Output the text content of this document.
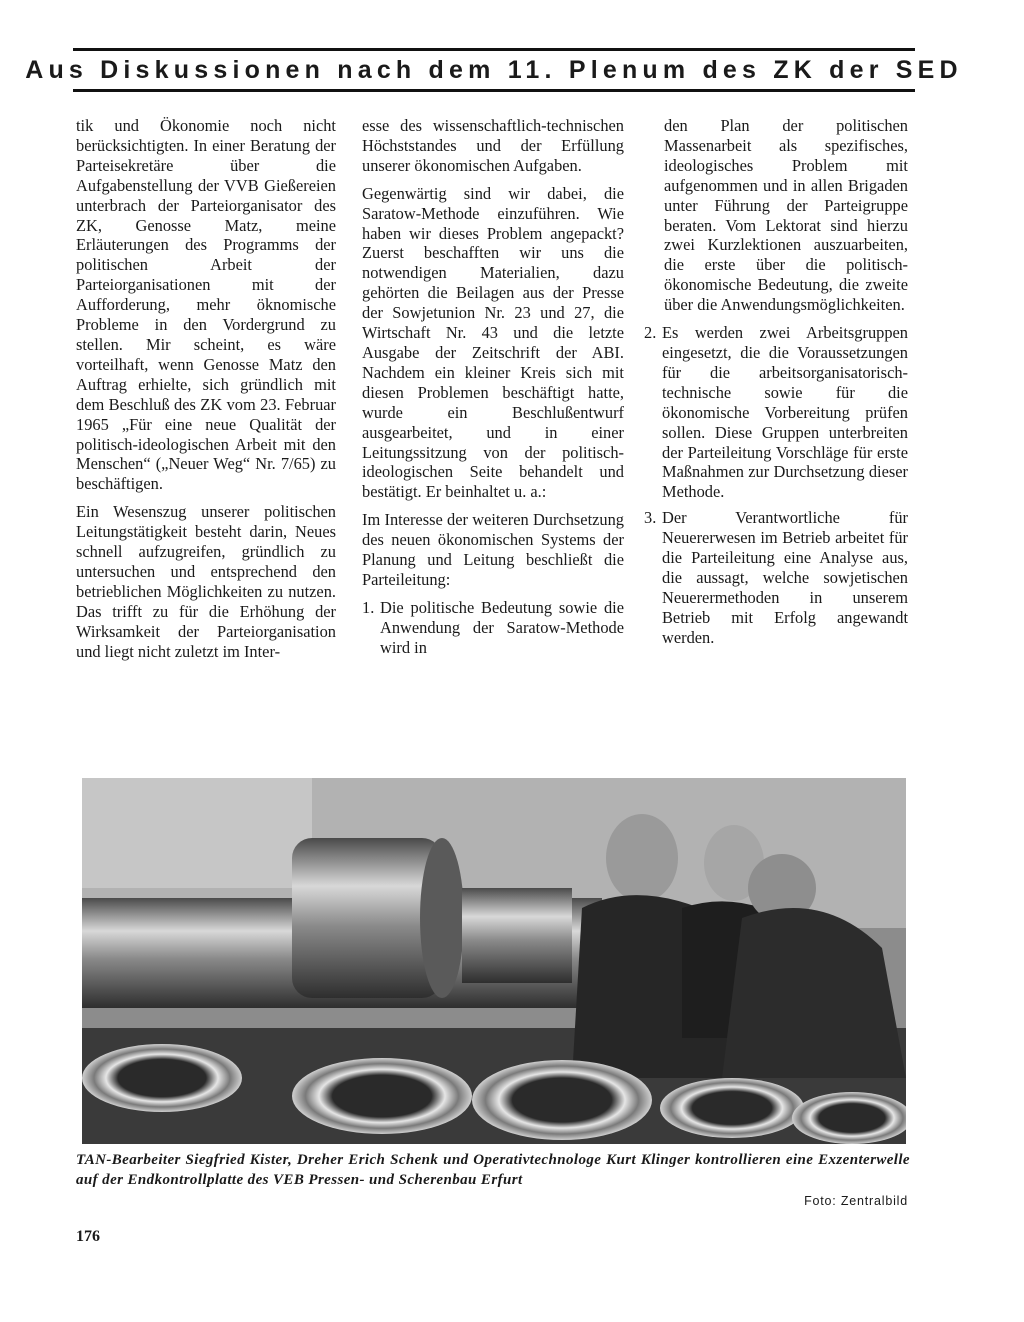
Aus Diskussionen nach dem 11. Plenum des ZK der SED

tik und Ökonomie noch nicht berücksichtigten. In einer Beratung der Parteisekretäre über die Aufgabenstellung der VVB Gießereien unterbrach der Parteiorganisator des ZK, Genosse Matz, meine Erläuterungen des Programms der politischen Arbeit der Parteiorganisationen mit der Aufforderung, mehr öknomische Probleme in den Vordergrund zu stellen. Mir scheint, es wäre vorteilhaft, wenn Genosse Matz den Auftrag erhielte, sich gründlich mit dem Beschluß des ZK vom 23. Februar 1965 „Für eine neue Qualität der politisch-ideologischen Arbeit mit den Menschen“ („Neuer Weg“ Nr. 7/65) zu beschäftigen.

Ein Wesenszug unserer politischen Leitungstätigkeit besteht darin, Neues schnell aufzugreifen, gründlich zu untersuchen und entsprechend den betrieblichen Möglichkeiten zu nutzen. Das trifft zu für die Erhöhung der Wirksamkeit der Parteiorganisation und liegt nicht zuletzt im Inter-

esse des wissenschaftlich-technischen Höchststandes und der Erfüllung unserer ökonomischen Aufgaben.

Gegenwärtig sind wir dabei, die Saratow-Methode einzuführen. Wie haben wir dieses Problem angepackt? Zuerst beschafften wir uns die notwendigen Materialien, dazu gehörten die Beilagen aus der Presse der Sowjetunion Nr. 23 und 27, die Wirtschaft Nr. 43 und die letzte Ausgabe der Zeitschrift der ABI. Nachdem ein kleiner Kreis sich mit diesen Problemen beschäftigt hatte, wurde ein Beschlußentwurf ausgearbeitet, und in einer Leitungssitzung von der politisch-ideologischen Seite behandelt und bestätigt. Er beinhaltet u. a.:

Im Interesse der weiteren Durchsetzung des neuen ökonomischen Systems der Planung und Leitung beschließt die Parteileitung:

1. Die politische Bedeutung sowie die Anwendung der Saratow-Methode wird in

den Plan der politischen Massenarbeit als spezifisches, ideologisches Problem mit aufgenommen und in allen Brigaden unter Führung der Parteigruppe beraten. Vom Lektorat sind hierzu zwei Kurzlektionen auszuarbeiten, die erste über die politisch-ökonomische Bedeutung, die zweite über die Anwendungsmöglichkeiten.

2. Es werden zwei Arbeitsgruppen eingesetzt, die die Voraussetzungen für die arbeitsorganisatorisch-technische sowie für die ökonomische Vorbereitung prüfen sollen. Diese Gruppen unterbreiten der Parteileitung Vorschläge für erste Maßnahmen zur Durchsetzung dieser Methode.
3. Der Verantwortliche für Neuererwesen im Betrieb arbeitet für die Parteileitung eine Analyse aus, die aussagt, welche sowjetischen Neuerermethoden in unserem Betrieb mit Erfolg angewandt werden.
TAN-Bearbeiter Siegfried Kister, Dreher Erich Schenk und Operativtechnologe Kurt Klinger kontrollieren eine Exzenterwelle auf der Endkontrollplatte des VEB Pressen- und Scherenbau Erfurt
Foto: Zentralbild
176
